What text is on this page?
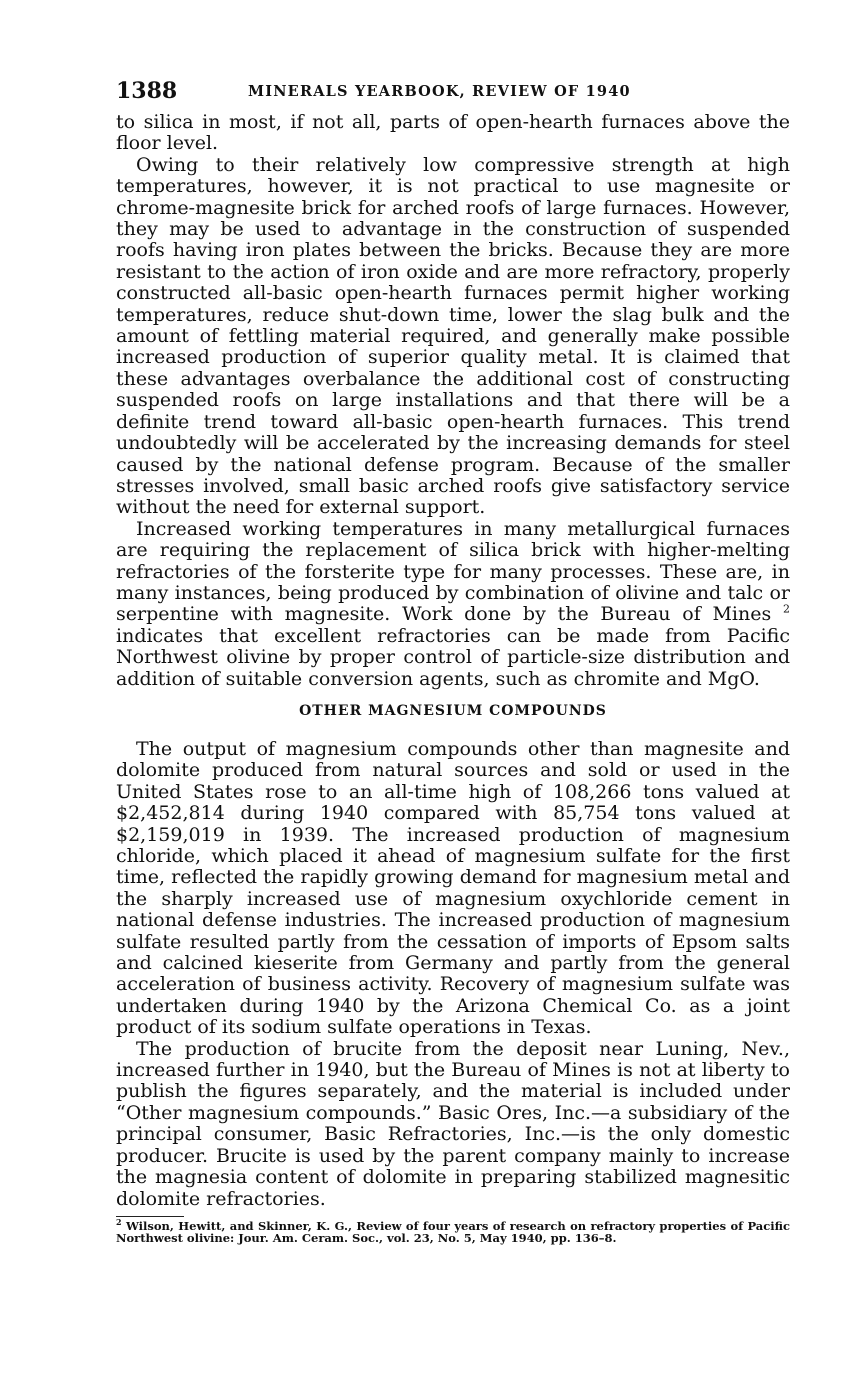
1388	MINERALS YEARBOOK, REVIEW OF 1940

to silica in most, if not all, parts of open-hearth furnaces above the floor level.

Owing to their relatively low compressive strength at high temperatures, however, it is not practical to use magnesite or chrome-magnesite brick for arched roofs of large furnaces. However, they may be used to advantage in the construction of suspended roofs having iron plates between the bricks. Because they are more resistant to the action of iron oxide and are more refractory, properly constructed all-basic open-hearth furnaces permit higher working temperatures, reduce shut-down time, lower the slag bulk and the amount of fettling material required, and generally make possible increased production of superior quality metal. It is claimed that these advantages overbalance the additional cost of constructing suspended roofs on large installations and that there will be a definite trend toward all-basic open-hearth furnaces. This trend undoubtedly will be accelerated by the increasing demands for steel caused by the national defense program. Because of the smaller stresses involved, small basic arched roofs give satisfactory service without the need for external support.

Increased working temperatures in many metallurgical furnaces are requiring the replacement of silica brick with higher-melting refractories of the forsterite type for many processes. These are, in many instances, being produced by combination of olivine and talc or serpentine with magnesite. Work done by the Bureau of Mines $^2$ indicates that excellent refractories can be made from Pacific Northwest olivine by proper control of particle-size distribution and addition of suitable conversion agents, such as chromite and MgO.

OTHER MAGNESIUM COMPOUNDS

The output of magnesium compounds other than magnesite and dolomite produced from natural sources and sold or used in the United States rose to an all-time high of 108,266 tons valued at $2,452,814 during 1940 compared with 85,754 tons valued at $2,159,019 in 1939. The increased production of magnesium chloride, which placed it ahead of magnesium sulfate for the first time, reflected the rapidly growing demand for magnesium metal and the sharply increased use of magnesium oxychloride cement in national defense industries. The increased production of magnesium sulfate resulted partly from the cessation of imports of Epsom salts and calcined kieserite from Germany and partly from the general acceleration of business activity. Recovery of magnesium sulfate was undertaken during 1940 by the Arizona Chemical Co. as a joint product of its sodium sulfate operations in Texas.

The production of brucite from the deposit near Luning, Nev., increased further in 1940, but the Bureau of Mines is not at liberty to publish the figures separately, and the material is included under “Other magnesium compounds.” Basic Ores, Inc.—a subsidiary of the principal consumer, Basic Refractories, Inc.—is the only domestic producer. Brucite is used by the parent company mainly to increase the magnesia content of dolomite in preparing stabilized magnesitic dolomite refractories.

$^2$ Wilson, Hewitt, and Skinner, K. G., Review of four years of research on refractory properties of Pacific Northwest olivine: Jour. Am. Ceram. Soc., vol. 23, No. 5, May 1940, pp. 136–8.
